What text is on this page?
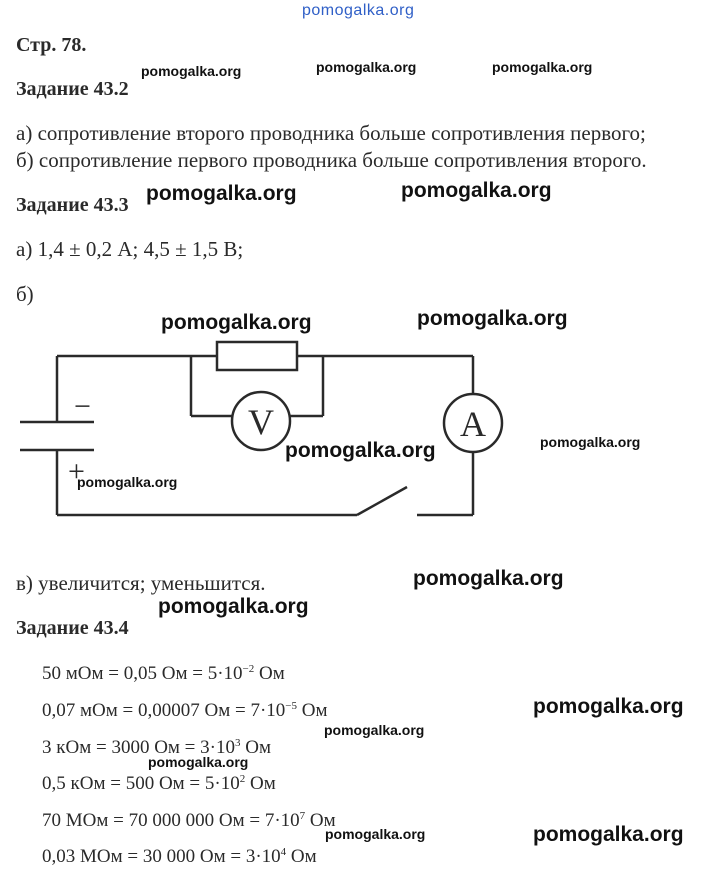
pomogalka.org
Стр. 78.
Задание 43.2
а) сопротивление второго проводника больше сопротивления первого;
б) сопротивление первого проводника больше сопротивления второго.
Задание 43.3
а) 1,4 ± 0,2 А; 4,5 ± 1,5 В;
б)
V	A
−
+
в) увеличится; уменьшится.
Задание 43.4
50 мОм = 0,05 Ом = $5\cdot 10^{-2}$ Ом
0,07 мОм = 0,00007 Ом = $7\cdot 10^{-5}$ Ом
3 кОм = 3000 Ом = $3\cdot 10^3$ Ом
0,5 кОм = 500 Ом = $5\cdot 10^2$ Ом
70 МОм = 70 000 000 Ом = $7\cdot 10^7$ Ом
0,03 МОм = 30 000 Ом = $3\cdot 10^4$ Ом
pomogalka.org	pomogalka.org	pomogalka.org
pomogalka.org	pomogalka.org
pomogalka.org	pomogalka.org
pomogalka.org	pomogalka.org
pomogalka.org
pomogalka.org
pomogalka.org
pomogalka.org
pomogalka.org
pomogalka.org
pomogalka.org	pomogalka.org
